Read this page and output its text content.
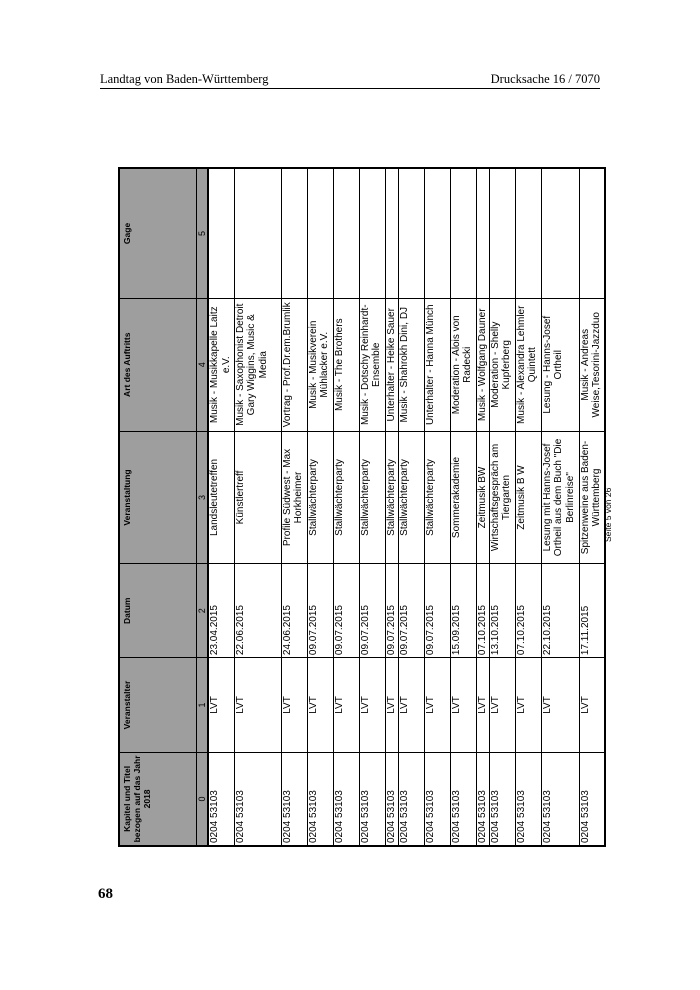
Landtag von Baden-Württemberg	Drucksache 16 / 7070
Kapitel und Titel bezogen auf das Jahr 2018	Veranstalter	Datum	Veranstaltung	Art des Auftritts	Gage
0	1	2	3	4	5
0204 53103	LVT	23.04.2015	Landsleutetreffen	Musik - Musikkapelle Laitz e.V.	
0204 53103	LVT	22.06.2015	Künstlertreff	Musik - Saxophonist Detroit Gary Wiggins, Music & Media	
0204 53103	LVT	24.06.2015	Profile Südwest - Max Horkheimer	Vortrag - Prof.Dr.em.Brumlik	
0204 53103	LVT	09.07.2015	Stallwächterparty	Musik - Musikverein Mühlacker e.V.	
0204 53103	LVT	09.07.2015	Stallwächterparty	Musik - The Brothers	
0204 53103	LVT	09.07.2015	Stallwächterparty	Musik - Dotschy Reinhardt-Ensemble	
0204 53103	LVT	09.07.2015	Stallwächterparty	Unterhalter - Heike Sauer	
0204 53103	LVT	09.07.2015	Stallwächterparty	Musik - Shahrokh Dini, DJ	
0204 53103	LVT	09.07.2015	Stallwächterparty	Unterhalter - Hanna Münch	
0204 53103	LVT	15.09.2015	Sommerakademie	Moderation - Alois von Radecki	
0204 53103	LVT	07.10.2015	Zeitmusik BW	Musik - Wolfgang Dauner	
0204 53103	LVT	13.10.2015	Wirtschaftsgespräch am Tiergarten	Moderation - Shelly Kupferberg	
0204 53103	LVT	07.10.2015	Zeitmusik B W	Musik - Alexandra Lehmler Quintett	
0204 53103	LVT	22.10.2015	Lesung mit Hanns-Josef Ortheil aus dem Buch "Die Berlinreise"	Lesung - Hanns-Josef Ortheil	
0204 53103	LVT	17.11.2015	Spitzenweine aus Baden-Württemberg	Musik - Andreas Weise,Tesorini-Jazzduo	
Seite 5 von 26
68
